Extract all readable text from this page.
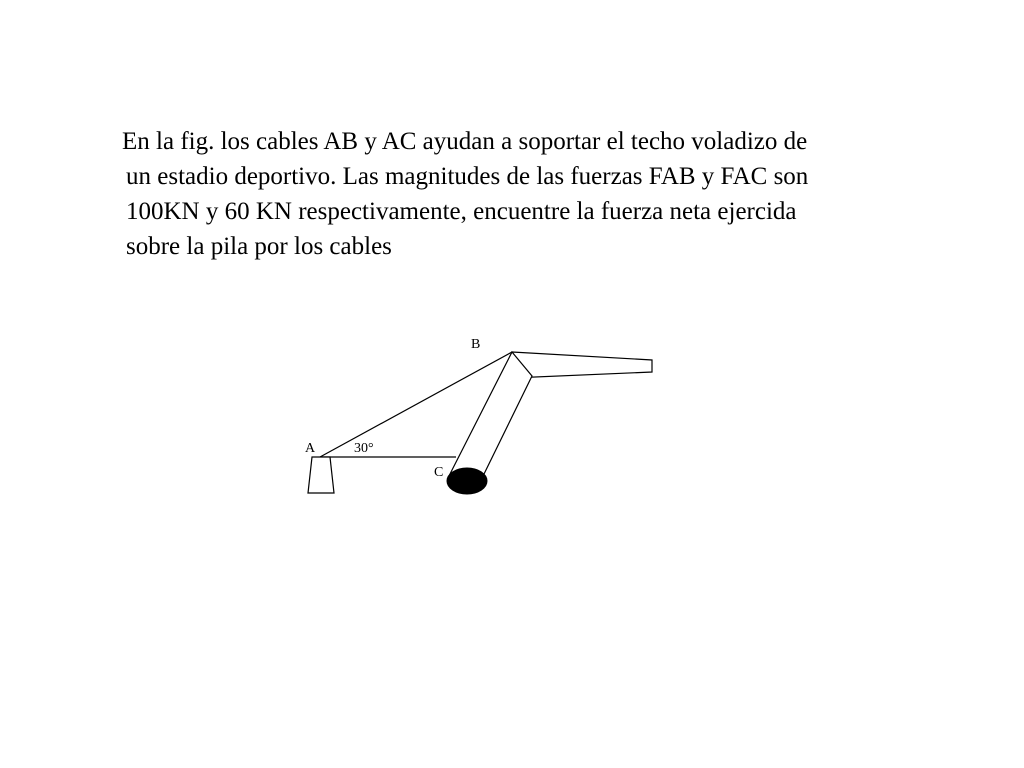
En la fig. los cables AB y AC ayudan a soportar el techo voladizo de
un estadio deportivo. Las magnitudes de las fuerzas FAB y FAC son
100KN y 60 KN respectivamente, encuentre la fuerza neta ejercida
sobre la pila por los cables
B
A
C
30°
